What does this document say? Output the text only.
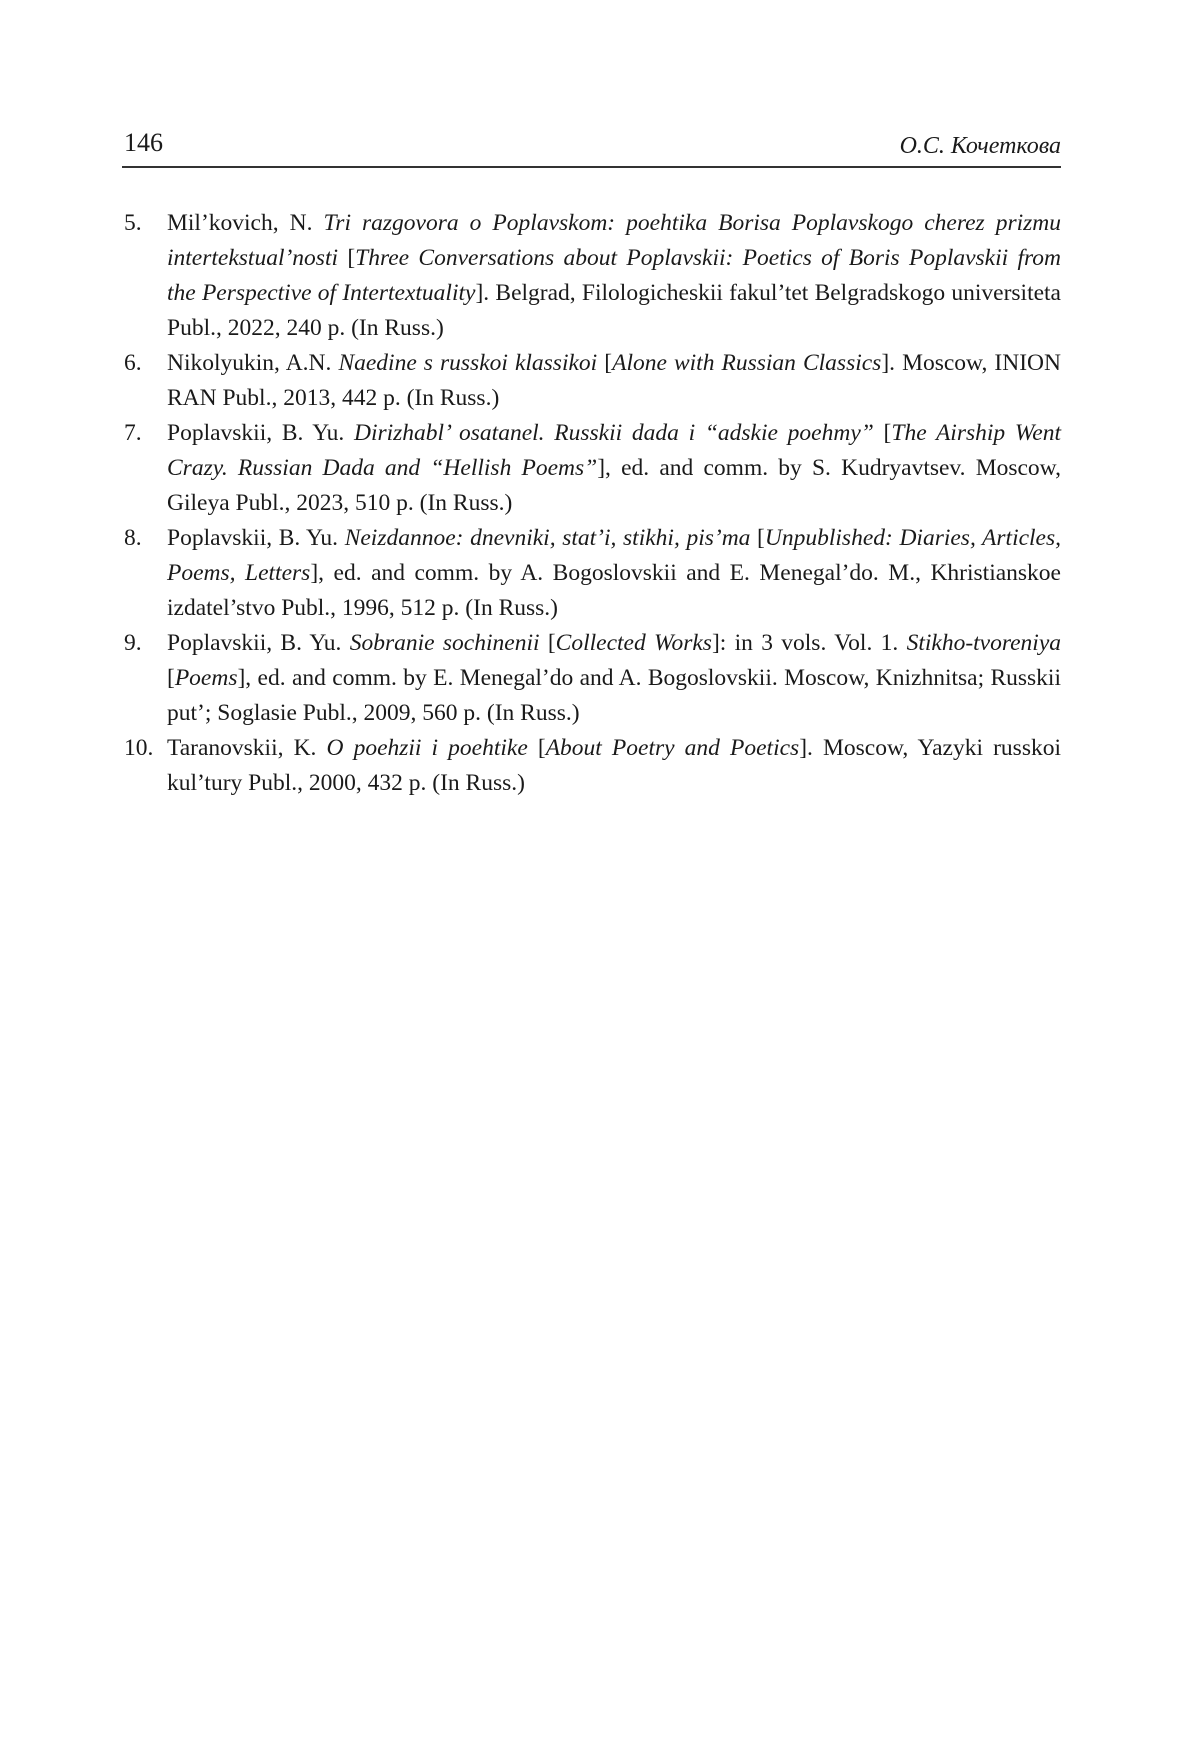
146	О.С. Кочеткова
5. Mil’kovich, N. Tri razgovora o Poplavskom: poehtika Borisa Poplavskogo cherez prizmu intertekstual’nosti [Three Conversations about Poplavskii: Poetics of Boris Poplavskii from the Perspective of Intertextuality]. Belgrad, Filologicheskii fakul’tet Belgradskogo universiteta Publ., 2022, 240 p. (In Russ.)
6. Nikolyukin, A.N. Naedine s russkoi klassikoi [Alone with Russian Classics]. Moscow, INION RAN Publ., 2013, 442 p. (In Russ.)
7. Poplavskii, B. Yu. Dirizhabl’ osatanel. Russkii dada i “adskie poehmy” [The Airship Went Crazy. Russian Dada and “Hellish Poems”], ed. and comm. by S. Kudryavtsev. Moscow, Gileya Publ., 2023, 510 p. (In Russ.)
8. Poplavskii, B. Yu. Neizdannoe: dnevniki, stat’i, stikhi, pis’ma [Unpublished: Diaries, Articles, Poems, Letters], ed. and comm. by A. Bogoslovskii and E. Menegal’do. M., Khristianskoe izdatel’stvo Publ., 1996, 512 p. (In Russ.)
9. Poplavskii, B. Yu. Sobranie sochinenii [Collected Works]: in 3 vols. Vol. 1. Stikho-tvoreniya [Poems], ed. and comm. by E. Menegal’do and A. Bogoslovskii. Moscow, Knizhnitsa; Russkii put’; Soglasie Publ., 2009, 560 p. (In Russ.)
10. Taranovskii, K. O poehzii i poehtike [About Poetry and Poetics]. Moscow, Yazyki russkoi kul’tury Publ., 2000, 432 p. (In Russ.)
